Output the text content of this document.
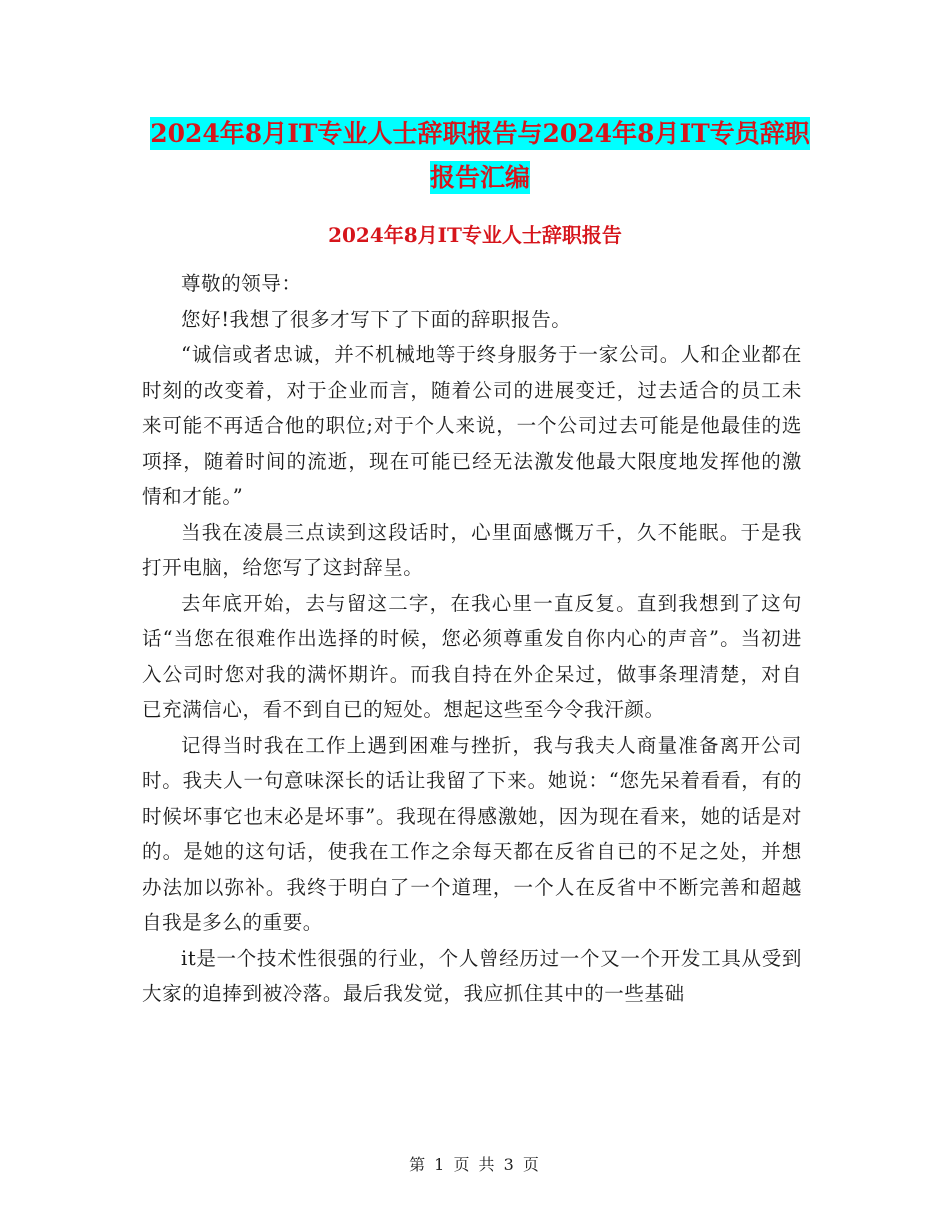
2024年8月IT专业人士辞职报告与2024年8月IT专员辞职报告汇编
2024年8月IT专业人士辞职报告

尊敬的领导：

您好!我想了很多才写下了下面的辞职报告。

“诚信或者忠诚，并不机械地等于终身服务于一家公司。人和企业都在时刻的改变着，对于企业而言，随着公司的进展变迁，过去适合的员工未来可能不再适合他的职位;对于个人来说，一个公司过去可能是他最佳的选项择，随着时间的流逝，现在可能已经无法激发他最大限度地发挥他的激情和才能。”

当我在凌晨三点读到这段话时，心里面感慨万千，久不能眠。于是我打开电脑，给您写了这封辞呈。

去年底开始，去与留这二字，在我心里一直反复。直到我想到了这句话“当您在很难作出选择的时候，您必须尊重发自你内心的声音”。当初进入公司时您对我的满怀期许。而我自持在外企呆过，做事条理清楚，对自已充满信心，看不到自已的短处。想起这些至今令我汗颜。

记得当时我在工作上遇到困难与挫折，我与我夫人商量准备离开公司时。我夫人一句意味深长的话让我留了下来。她说：“您先呆着看看，有的时候坏事它也末必是坏事”。我现在得感激她，因为现在看来，她的话是对的。是她的这句话，使我在工作之余每天都在反省自已的不足之处，并想办法加以弥补。我终于明白了一个道理，一个人在反省中不断完善和超越自我是多么的重要。

it是一个技术性很强的行业，个人曾经历过一个又一个开发工具从受到大家的追捧到被冷落。最后我发觉，我应抓住其中的一些基础

第 1 页 共 3 页
